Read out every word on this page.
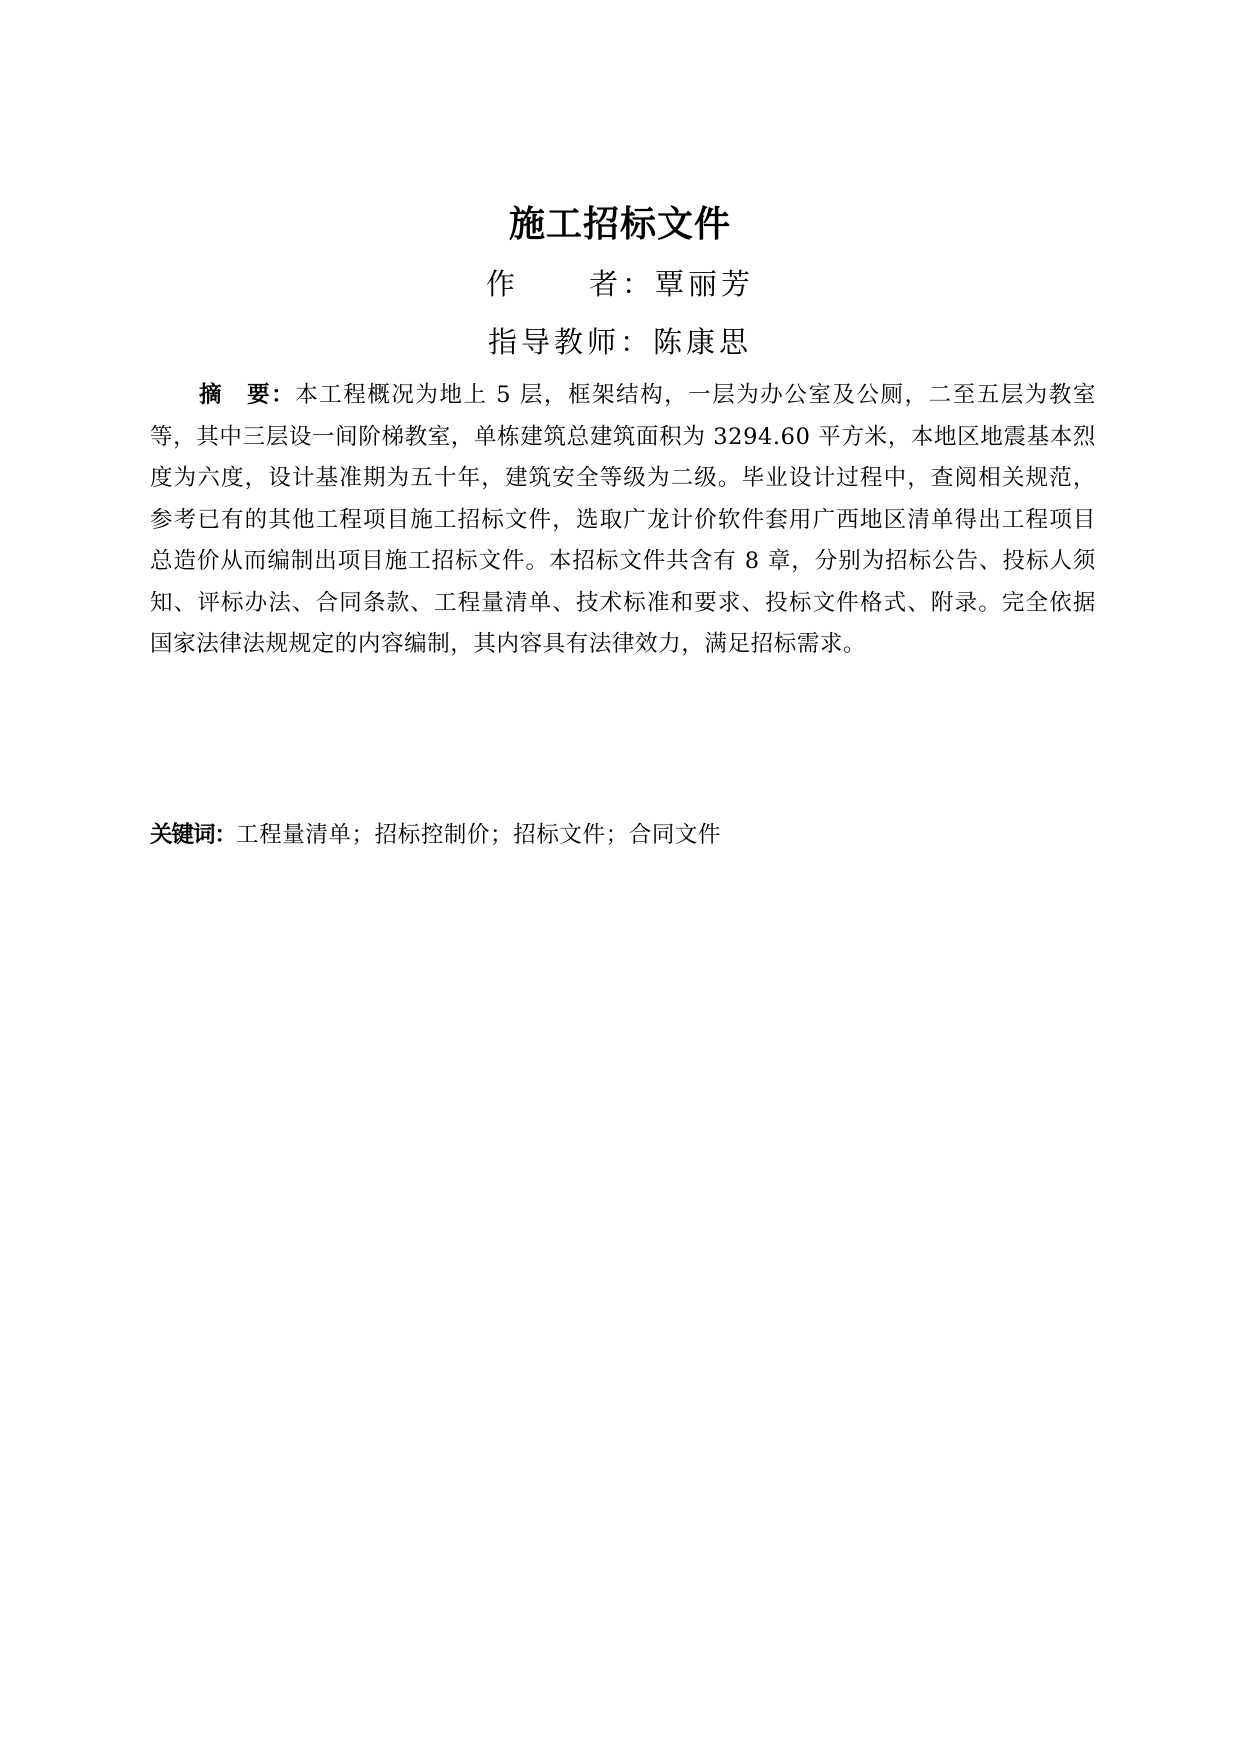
施工招标文件
作 者：覃丽芳
指导教师：陈康思
摘　 要：本工程概况为地上 5 层，框架结构，一层为办公室及公厕，二至五层为教室等，其中三层设一间阶梯教室，单栋建筑总建筑面积为 3294.60 平方米，本地区地震基本烈度为六度，设计基准期为五十年，建筑安全等级为二级。毕业设计过程中，查阅相关规范，参考已有的其他工程项目施工招标文件，选取广龙计价软件套用广西地区清单得出工程项目总造价从而编制出项目施工招标文件。本招标文件共含有 8 章，分别为招标公告、投标人须知、评标办法、合同条款、工程量清单、技术标准和要求、投标文件格式、附录。完全依据国家法律法规规定的内容编制，其内容具有法律效力，满足招标需求。
关键词：工程量清单；招标控制价；招标文件；合同文件
